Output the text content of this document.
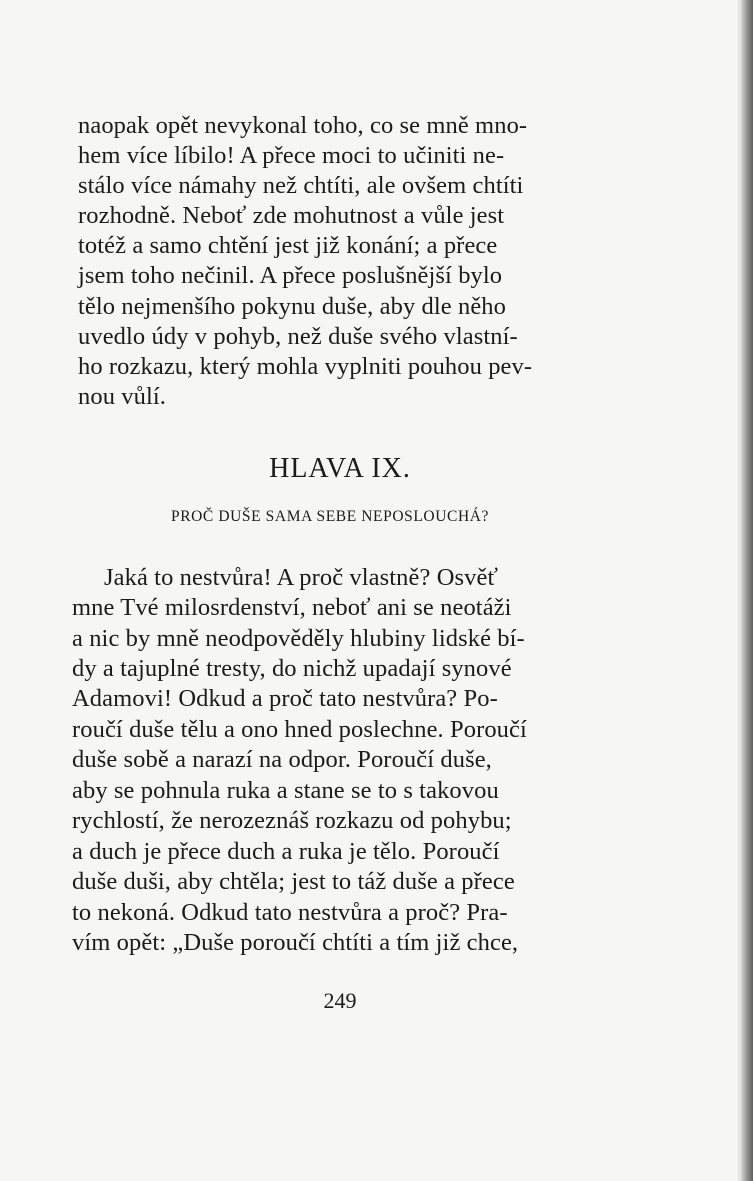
naopak opět nevykonal toho, co se mně mno-
hem více líbilo! A přece moci to učiniti ne-
stálo více námahy než chtíti, ale ovšem chtíti
rozhodně. Neboť zde mohutnost a vůle jest
totéž a samo chtění jest již konání; a přece
jsem toho nečinil. A přece poslušnější bylo
tělo nejmenšího pokynu duše, aby dle něho
uvedlo údy v pohyb, než duše svého vlastní-
ho rozkazu, který mohla vyplniti pouhou pev-
nou vůlí.
HLAVA IX.
PROČ DUŠE SAMA SEBE NEPOSLOUCHÁ?
Jaká to nestvůra! A proč vlastně? Osvěť
mne Tvé milosrdenství, neboť ani se neotáži
a nic by mně neodpověděly hlubiny lidské bí-
dy a tajuplné tresty, do nichž upadají synové
Adamovi! Odkud a proč tato nestvůra? Po-
roučí duše tělu a ono hned poslechne. Poroučí
duše sobě a narazí na odpor. Poroučí duše,
aby se pohnula ruka a stane se to s takovou
rychlostí, že nerozeznáš rozkazu od pohybu;
a duch je přece duch a ruka je tělo. Poroučí
duše duši, aby chtěla; jest to táž duše a přece
to nekoná. Odkud tato nestvůra a proč? Pra-
vím opět: „Duše poroučí chtíti a tím již chce,
249
